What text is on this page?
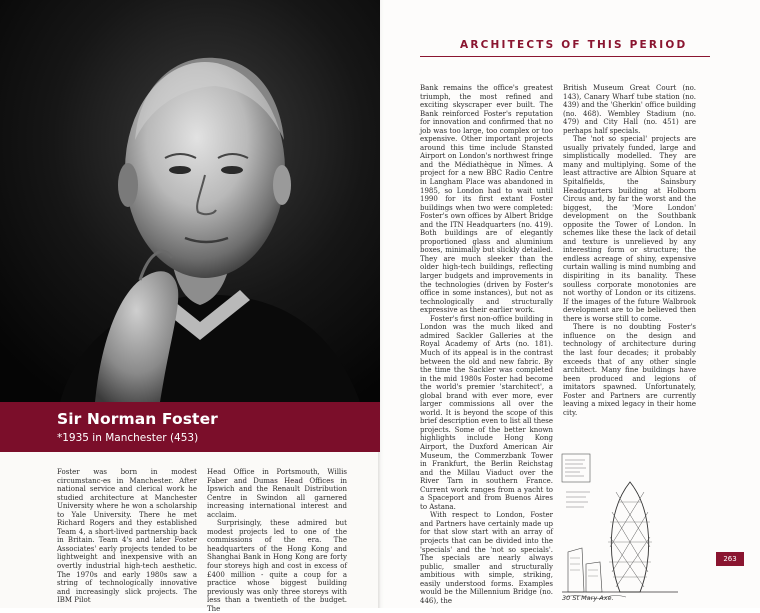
Sir Norman Foster
*1935 in Manchester (453)

Foster was born in modest circumstanc-es in Manchester. After national service and clerical work he studied architecture at Manchester University where he won a scholarship to Yale University. There he met Richard Rogers and they established Team 4, a short-lived partnership back in Britain. Team 4's and later Foster Associates' early projects tended to be lightweight and inexpensive with an overtly industrial high-tech aesthetic. The 1970s and early 1980s saw a string of technologically innovative and increasingly slick projects. The IBM Pilot

Head Office in Portsmouth, Willis Faber and Dumas Head Offices in Ipswich and the Renault Distribution Centre in Swindon all garnered increasing international interest and acclaim.

Surprisingly, these admired but modest projects led to one of the commissions of the era. The headquarters of the Hong Kong and Shanghai Bank in Hong Kong are forty four storeys high and cost in excess of £400 million - quite a coup for a practice whose biggest building previously was only three storeys with less than a twentieth of the budget. The

ARCHITECTS OF THIS PERIOD

Bank remains the office's greatest triumph, the most refined and exciting skyscraper ever built. The Bank reinforced Foster's reputation for innovation and confirmed that no job was too large, too complex or too expensive. Other important projects around this time include Stansted Airport on London's northwest fringe and the Médiathèque in Nîmes. A project for a new BBC Radio Centre in Langham Place was abandoned in 1985, so London had to wait until 1990 for its first extant Foster buildings when two were completed: Foster's own offices by Albert Bridge and the ITN Headquarters (no. 419). Both buildings are of elegantly proportioned glass and aluminium boxes, minimally but slickly detailed. They are much sleeker than the older high-tech buildings, reflecting larger budgets and improvements in the technologies (driven by Foster's office in some instances), but not as technologically and structurally expressive as their earlier work.

Foster's first non-office building in London was the much liked and admired Sackler Galleries at the Royal Academy of Arts (no. 181). Much of its appeal is in the contrast between the old and new fabric. By the time the Sackler was completed in the mid 1980s Foster had become the world's premier 'starchitect', a global brand with ever more, ever larger commissions all over the world. It is beyond the scope of this brief description even to list all these projects. Some of the better known highlights include Hong Kong Airport, the Duxford American Air Museum, the Commerzbank Tower in Frankfurt, the Berlin Reichstag and the Millau Viaduct over the River Tarn in southern France. Current work ranges from a yacht to a Spaceport and from Buenos Aires to Astana.

With respect to London, Foster and Partners have certainly made up for that slow start with an array of projects that can be divided into the 'specials' and the 'not so specials'. The specials are nearly always public, smaller and structurally ambitious with simple, striking, easily understood forms. Examples would be the Millennium Bridge (no. 446), the

British Museum Great Court (no. 143), Canary Wharf tube station (no. 439) and the 'Gherkin' office building (no. 468). Wembley Stadium (no. 479) and City Hall (no. 451) are perhaps half specials.

The 'not so special' projects are usually privately funded, large and simplistically modelled. They are many and multiplying. Some of the least attractive are Albion Square at Spitalfields, the Sainsbury Headquarters building at Holborn Circus and, by far the worst and the biggest, the 'More London' development on the Southbank opposite the Tower of London. In schemes like these the lack of detail and texture is unrelieved by any interesting form or structure; the endless acreage of shiny, expensive curtain walling is mind numbing and dispiriting in its banality. These soulless corporate monotonies are not worthy of London or its citizens. If the images of the future Walbrook development are to be believed then there is worse still to come.

There is no doubting Foster's influence on the design and technology of architecture during the last four decades; it probably exceeds that of any other single architect. Many fine buildings have been produced and legions of imitators spawned. Unfortunately, Foster and Partners are currently leaving a mixed legacy in their home city.

30 St Mary Axe.
263
